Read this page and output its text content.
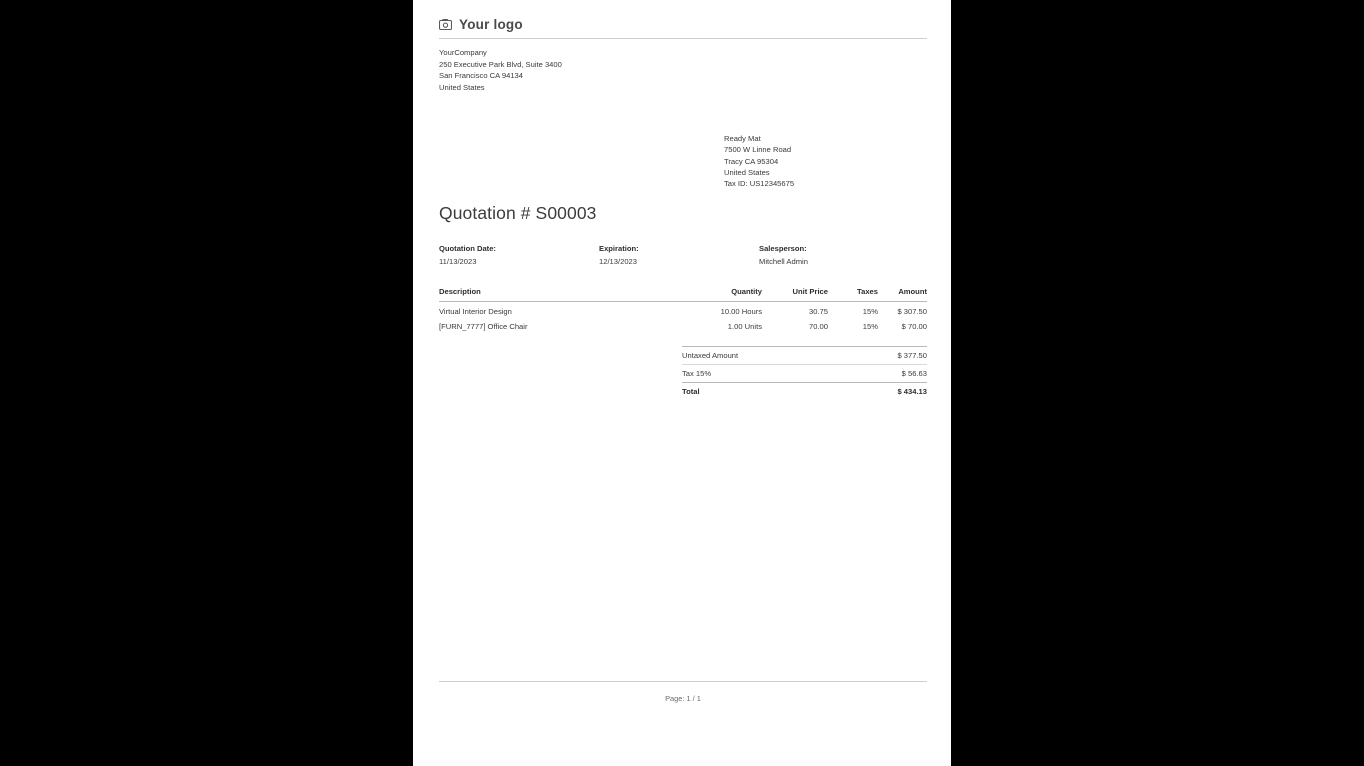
Your logo
YourCompany
250 Executive Park Blvd, Suite 3400
San Francisco CA 94134
United States
Ready Mat
7500 W Linne Road
Tracy CA 95304
United States
Tax ID: US12345675
Quotation # S00003
Quotation Date:
11/13/2023
Expiration:
12/13/2023
Salesperson:
Mitchell Admin
Description	Quantity	Unit Price	Taxes	Amount
Virtual Interior Design	10.00 Hours	30.75	15%	$ 307.50
[FURN_7777] Office Chair	1.00 Units	70.00	15%	$ 70.00
Untaxed Amount	$ 377.50
Tax 15%	$ 56.63
Total	$ 434.13
Page: 1 / 1
